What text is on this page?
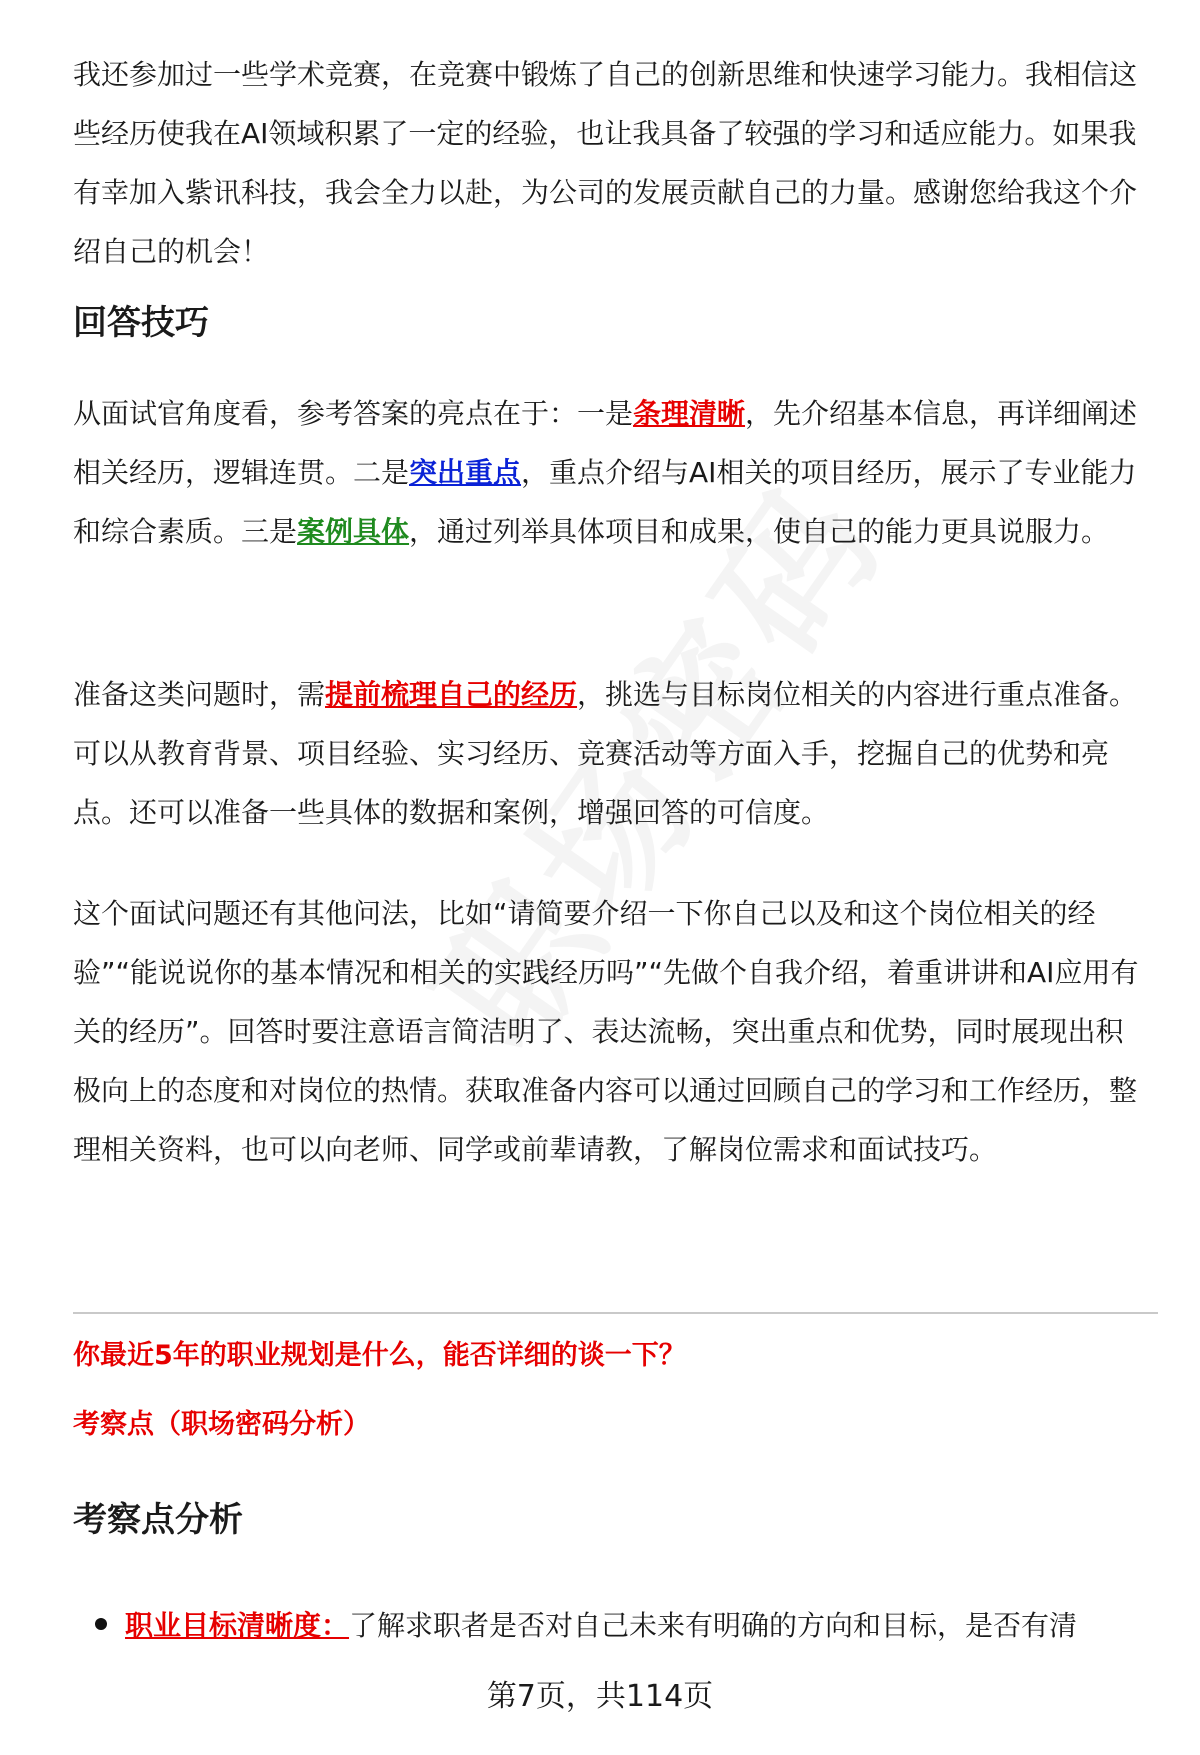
我还参加过一些学术竞赛，在竞赛中锻炼了自己的创新思维和快速学习能力。我相信这些经历使我在AI领域积累了一定的经验，也让我具备了较强的学习和适应能力。如果我有幸加入紫讯科技，我会全力以赴，为公司的发展贡献自己的力量。感谢您给我这个介绍自己的机会！

回答技巧

从面试官角度看，参考答案的亮点在于：一是条理清晰，先介绍基本信息，再详细阐述相关经历，逻辑连贯。二是突出重点，重点介绍与AI相关的项目经历，展示了专业能力和综合素质。三是案例具体，通过列举具体项目和成果，使自己的能力更具说服力。

准备这类问题时，需提前梳理自己的经历，挑选与目标岗位相关的内容进行重点准备。可以从教育背景、项目经验、实习经历、竞赛活动等方面入手，挖掘自己的优势和亮点。还可以准备一些具体的数据和案例，增强回答的可信度。

这个面试问题还有其他问法，比如“请简要介绍一下你自己以及和这个岗位相关的经验”“能说说你的基本情况和相关的实践经历吗”“先做个自我介绍，着重讲讲和AI应用有关的经历”。回答时要注意语言简洁明了、表达流畅，突出重点和优势，同时展现出积极向上的态度和对岗位的热情。获取准备内容可以通过回顾自己的学习和工作经历，整理相关资料，也可以向老师、同学或前辈请教，了解岗位需求和面试技巧。

你最近5年的职业规划是什么，能否详细的谈一下？
考察点（职场密码分析）
考察点分析
职业目标清晰度：了解求职者是否对自己未来有明确的方向和目标，是否有清
第7页，共114页
